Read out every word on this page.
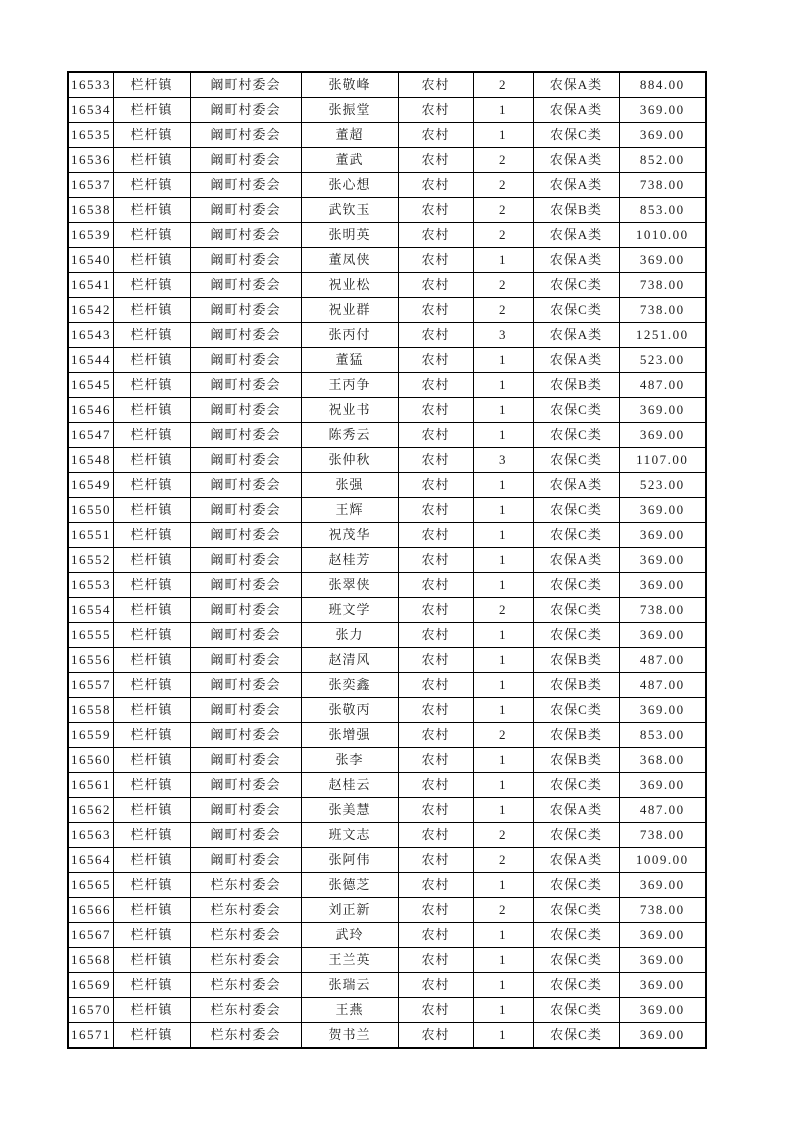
16533	栏杆镇	阚町村委会	张敬峰	农村	2	农保A类	884.00
16534	栏杆镇	阚町村委会	张振堂	农村	1	农保A类	369.00
16535	栏杆镇	阚町村委会	董超	农村	1	农保C类	369.00
16536	栏杆镇	阚町村委会	董武	农村	2	农保A类	852.00
16537	栏杆镇	阚町村委会	张心想	农村	2	农保A类	738.00
16538	栏杆镇	阚町村委会	武钦玉	农村	2	农保B类	853.00
16539	栏杆镇	阚町村委会	张明英	农村	2	农保A类	1010.00
16540	栏杆镇	阚町村委会	董凤侠	农村	1	农保A类	369.00
16541	栏杆镇	阚町村委会	祝业松	农村	2	农保C类	738.00
16542	栏杆镇	阚町村委会	祝业群	农村	2	农保C类	738.00
16543	栏杆镇	阚町村委会	张丙付	农村	3	农保A类	1251.00
16544	栏杆镇	阚町村委会	董猛	农村	1	农保A类	523.00
16545	栏杆镇	阚町村委会	王丙争	农村	1	农保B类	487.00
16546	栏杆镇	阚町村委会	祝业书	农村	1	农保C类	369.00
16547	栏杆镇	阚町村委会	陈秀云	农村	1	农保C类	369.00
16548	栏杆镇	阚町村委会	张仲秋	农村	3	农保C类	1107.00
16549	栏杆镇	阚町村委会	张强	农村	1	农保A类	523.00
16550	栏杆镇	阚町村委会	王辉	农村	1	农保C类	369.00
16551	栏杆镇	阚町村委会	祝茂华	农村	1	农保C类	369.00
16552	栏杆镇	阚町村委会	赵桂芳	农村	1	农保A类	369.00
16553	栏杆镇	阚町村委会	张翠侠	农村	1	农保C类	369.00
16554	栏杆镇	阚町村委会	班文学	农村	2	农保C类	738.00
16555	栏杆镇	阚町村委会	张力	农村	1	农保C类	369.00
16556	栏杆镇	阚町村委会	赵清风	农村	1	农保B类	487.00
16557	栏杆镇	阚町村委会	张奕鑫	农村	1	农保B类	487.00
16558	栏杆镇	阚町村委会	张敬丙	农村	1	农保C类	369.00
16559	栏杆镇	阚町村委会	张增强	农村	2	农保B类	853.00
16560	栏杆镇	阚町村委会	张李	农村	1	农保B类	368.00
16561	栏杆镇	阚町村委会	赵桂云	农村	1	农保C类	369.00
16562	栏杆镇	阚町村委会	张美慧	农村	1	农保A类	487.00
16563	栏杆镇	阚町村委会	班文志	农村	2	农保C类	738.00
16564	栏杆镇	阚町村委会	张阿伟	农村	2	农保A类	1009.00
16565	栏杆镇	栏东村委会	张德芝	农村	1	农保C类	369.00
16566	栏杆镇	栏东村委会	刘正新	农村	2	农保C类	738.00
16567	栏杆镇	栏东村委会	武玲	农村	1	农保C类	369.00
16568	栏杆镇	栏东村委会	王兰英	农村	1	农保C类	369.00
16569	栏杆镇	栏东村委会	张瑞云	农村	1	农保C类	369.00
16570	栏杆镇	栏东村委会	王燕	农村	1	农保C类	369.00
16571	栏杆镇	栏东村委会	贺书兰	农村	1	农保C类	369.00
